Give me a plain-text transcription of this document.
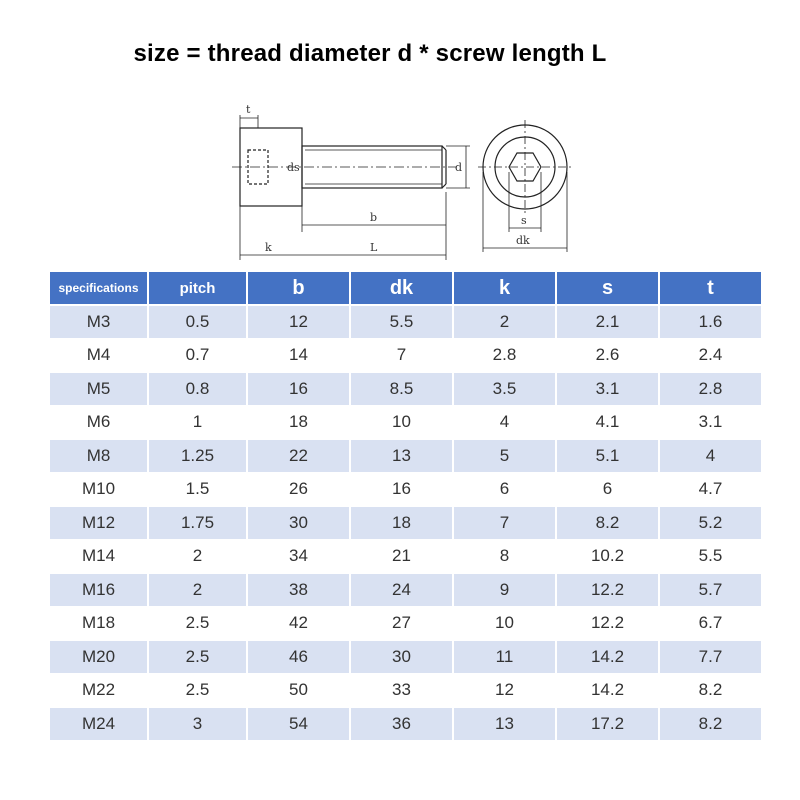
size = thread diameter d * screw length L
t
ds	d
b
k	L
s
dk
specifications	pitch	b	dk	k	s	t
M3	0.5	12	5.5	2	2.1	1.6
M4	0.7	14	7	2.8	2.6	2.4
M5	0.8	16	8.5	3.5	3.1	2.8
M6	1	18	10	4	4.1	3.1
M8	1.25	22	13	5	5.1	4
M10	1.5	26	16	6	6	4.7
M12	1.75	30	18	7	8.2	5.2
M14	2	34	21	8	10.2	5.5
M16	2	38	24	9	12.2	5.7
M18	2.5	42	27	10	12.2	6.7
M20	2.5	46	30	11	14.2	7.7
M22	2.5	50	33	12	14.2	8.2
M24	3	54	36	13	17.2	8.2
